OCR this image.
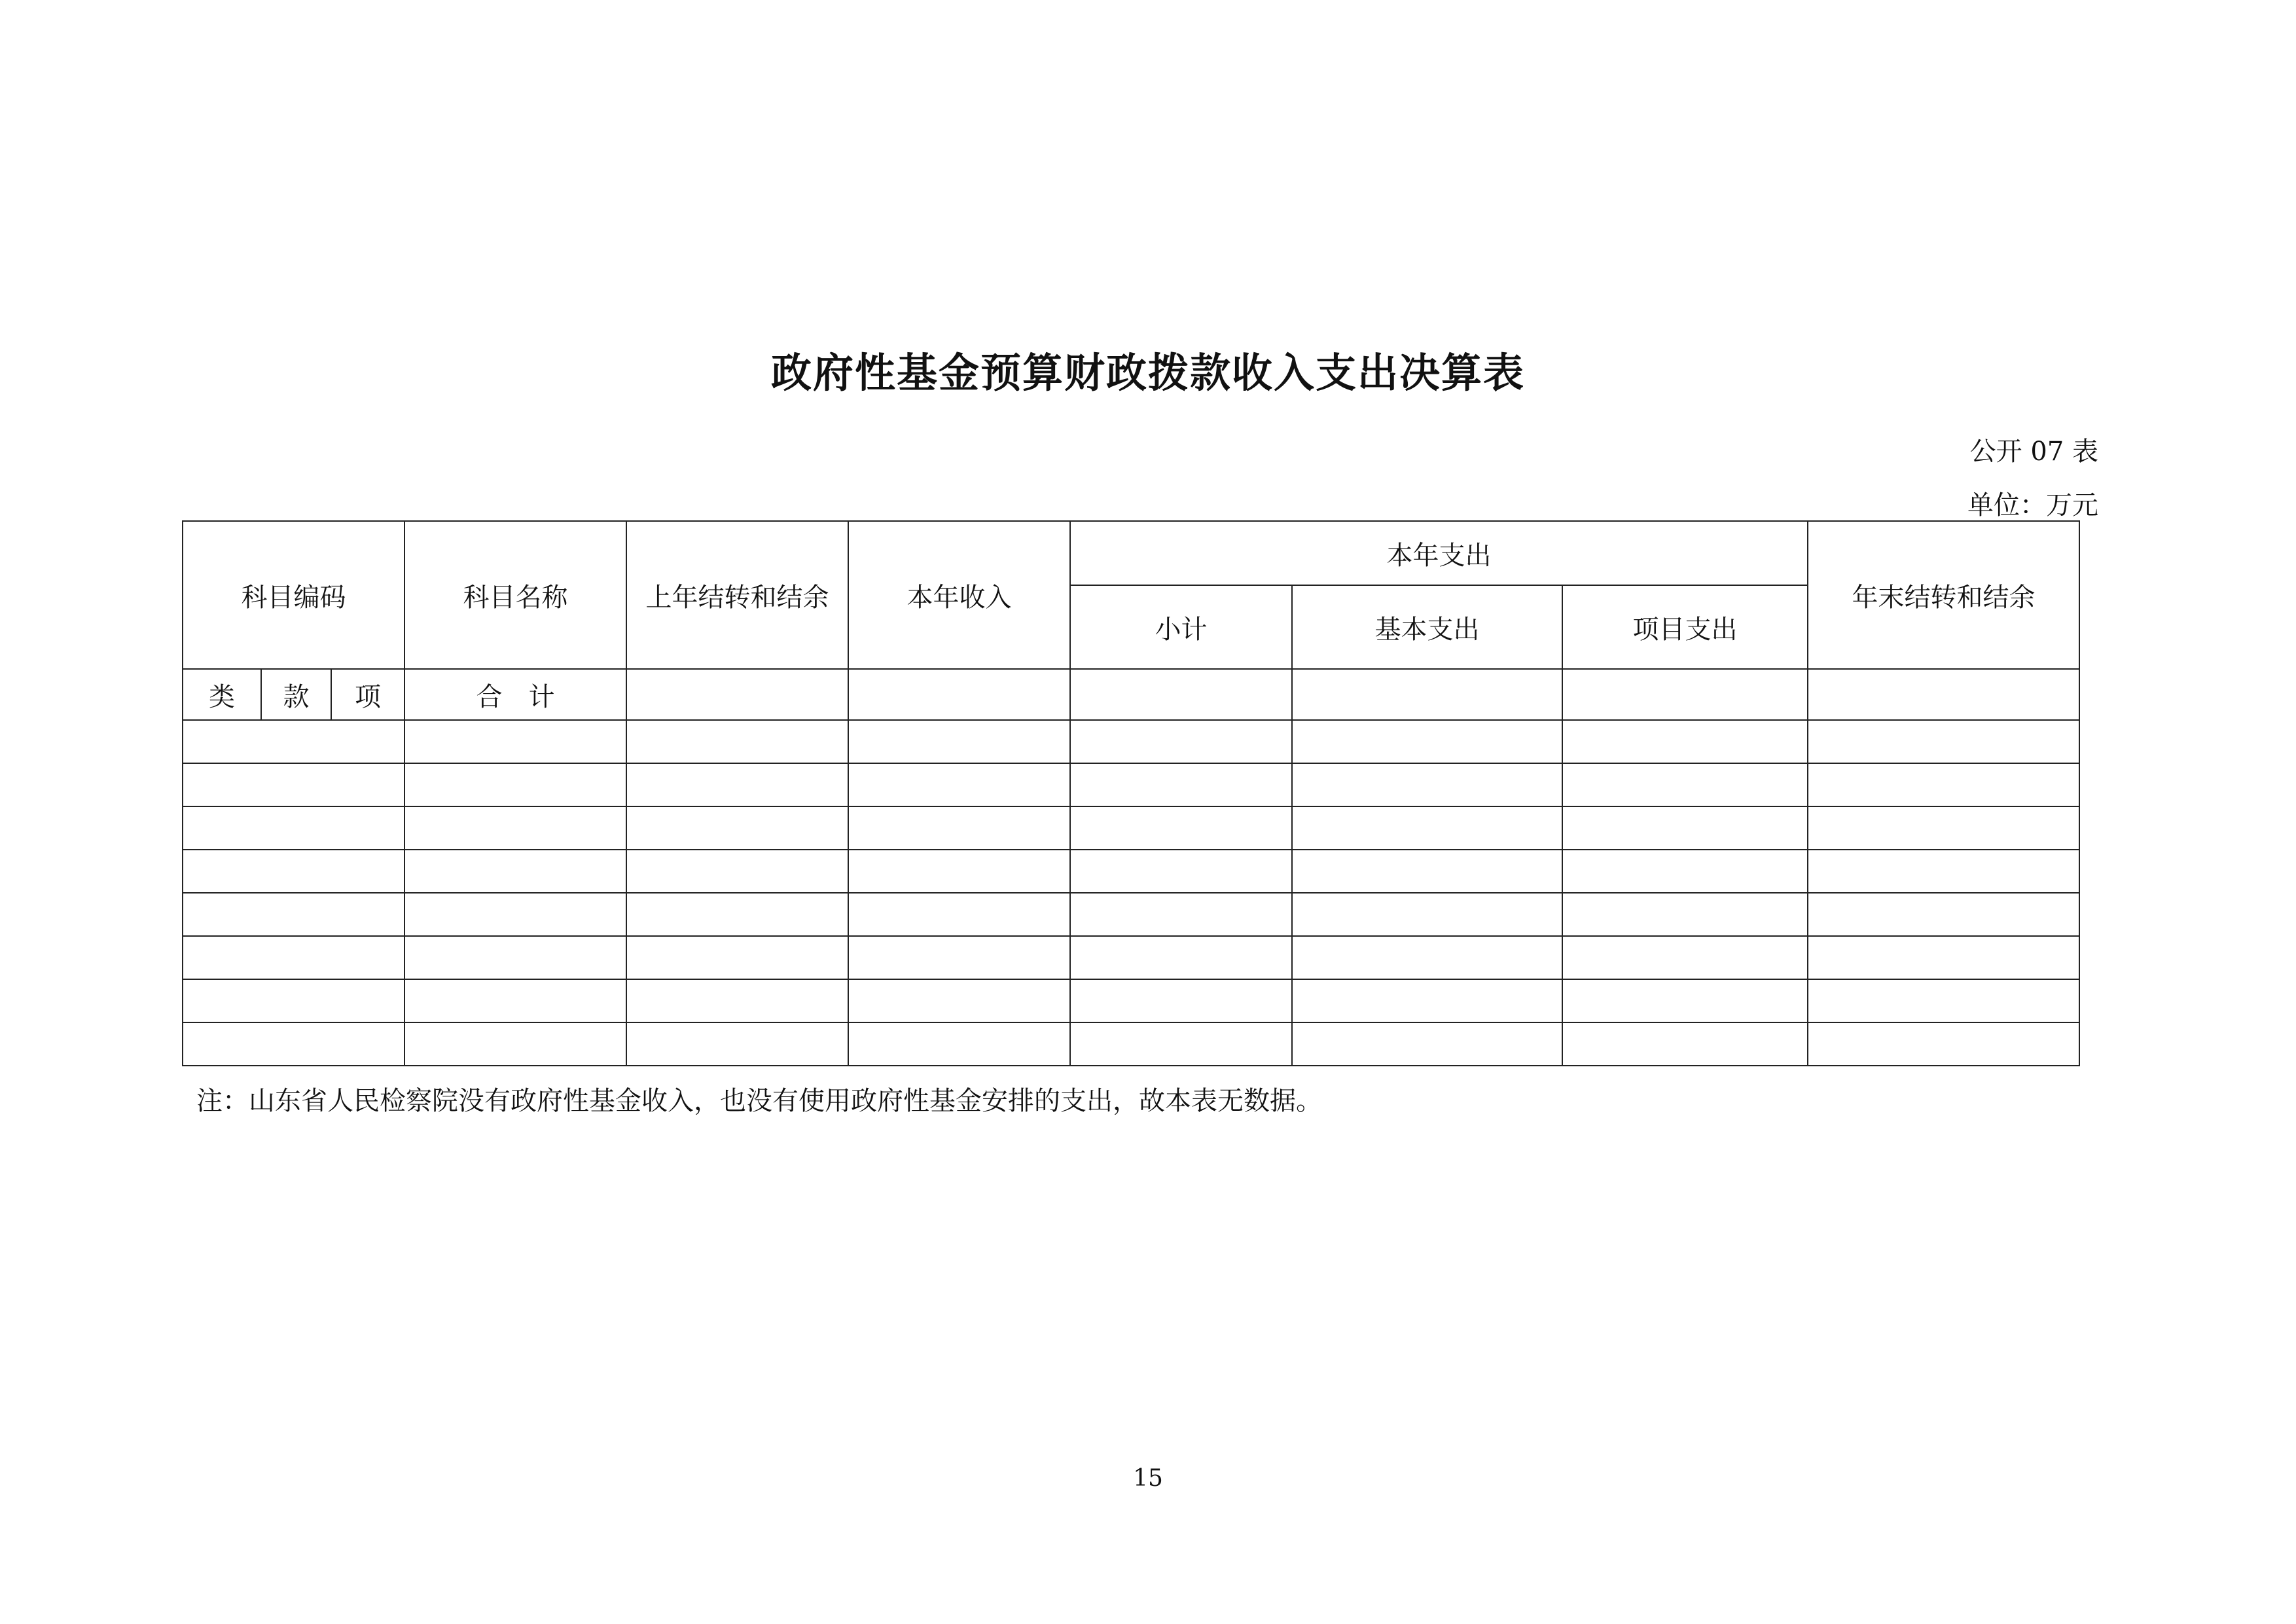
政府性基金预算财政拨款收入支出决算表
公开 07 表
单位：万元
科目编码			科目名称	上年结转和结余	本年收入	本年支出			年末结转和结余
						小计	基本支出	项目支出	
类	款	项	合　计						

注：山东省人民检察院没有政府性基金收入，也没有使用政府性基金安排的支出，故本表无数据。
15
